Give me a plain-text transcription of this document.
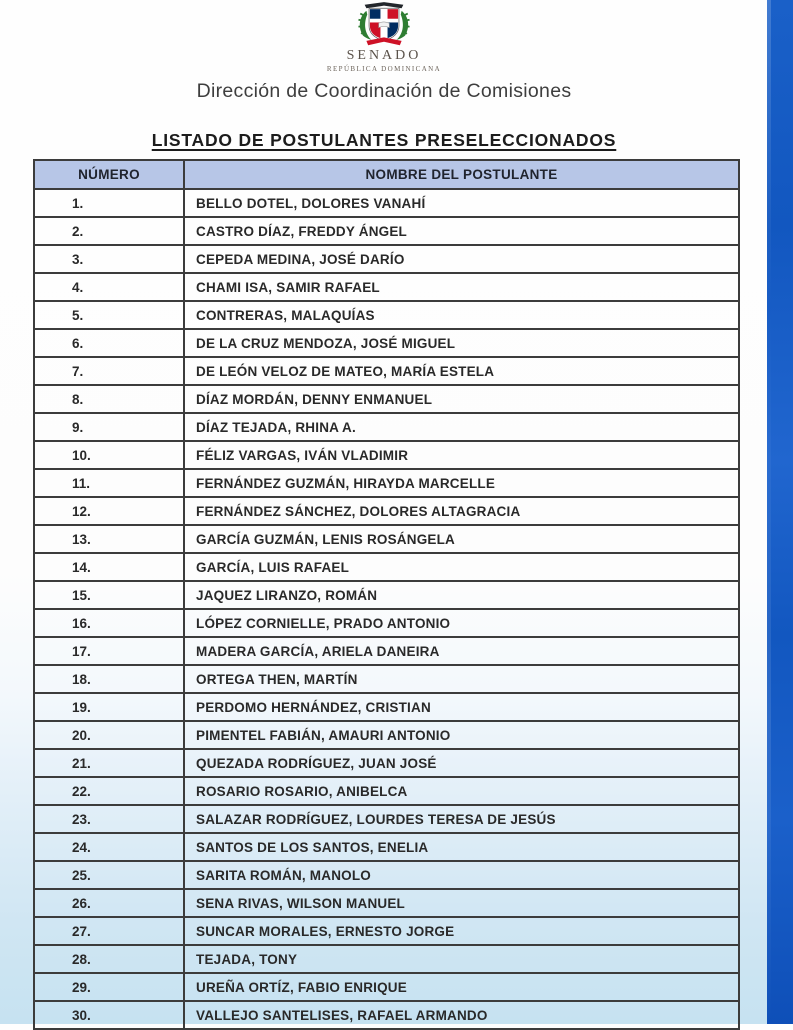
SENADO
REPÚBLICA DOMINICANA
Dirección de Coordinación de Comisiones
LISTADO DE POSTULANTES PRESELECCIONADOS
NÚMERO	NOMBRE DEL POSTULANTE
1.	BELLO DOTEL, DOLORES VANAHÍ
2.	CASTRO DÍAZ, FREDDY ÁNGEL
3.	CEPEDA MEDINA, JOSÉ DARÍO
4.	CHAMI ISA, SAMIR RAFAEL
5.	CONTRERAS, MALAQUÍAS
6.	DE LA CRUZ MENDOZA, JOSÉ MIGUEL
7.	DE LEÓN VELOZ DE MATEO, MARÍA ESTELA
8.	DÍAZ MORDÁN, DENNY ENMANUEL
9.	DÍAZ TEJADA, RHINA A.
10.	FÉLIZ VARGAS, IVÁN VLADIMIR
11.	FERNÁNDEZ GUZMÁN, HIRAYDA MARCELLE
12.	FERNÁNDEZ SÁNCHEZ, DOLORES ALTAGRACIA
13.	GARCÍA GUZMÁN, LENIS ROSÁNGELA
14.	GARCÍA, LUIS RAFAEL
15.	JAQUEZ LIRANZO, ROMÁN
16.	LÓPEZ CORNIELLE, PRADO ANTONIO
17.	MADERA GARCÍA, ARIELA DANEIRA
18.	ORTEGA THEN, MARTÍN
19.	PERDOMO HERNÁNDEZ, CRISTIAN
20.	PIMENTEL FABIÁN, AMAURI ANTONIO
21.	QUEZADA RODRÍGUEZ, JUAN JOSÉ
22.	ROSARIO ROSARIO, ANIBELCA
23.	SALAZAR RODRÍGUEZ, LOURDES TERESA DE JESÚS
24.	SANTOS DE LOS SANTOS, ENELIA
25.	SARITA ROMÁN, MANOLO
26.	SENA RIVAS, WILSON MANUEL
27.	SUNCAR MORALES, ERNESTO JORGE
28.	TEJADA, TONY
29.	UREÑA ORTÍZ, FABIO ENRIQUE
30.	VALLEJO SANTELISES, RAFAEL ARMANDO
